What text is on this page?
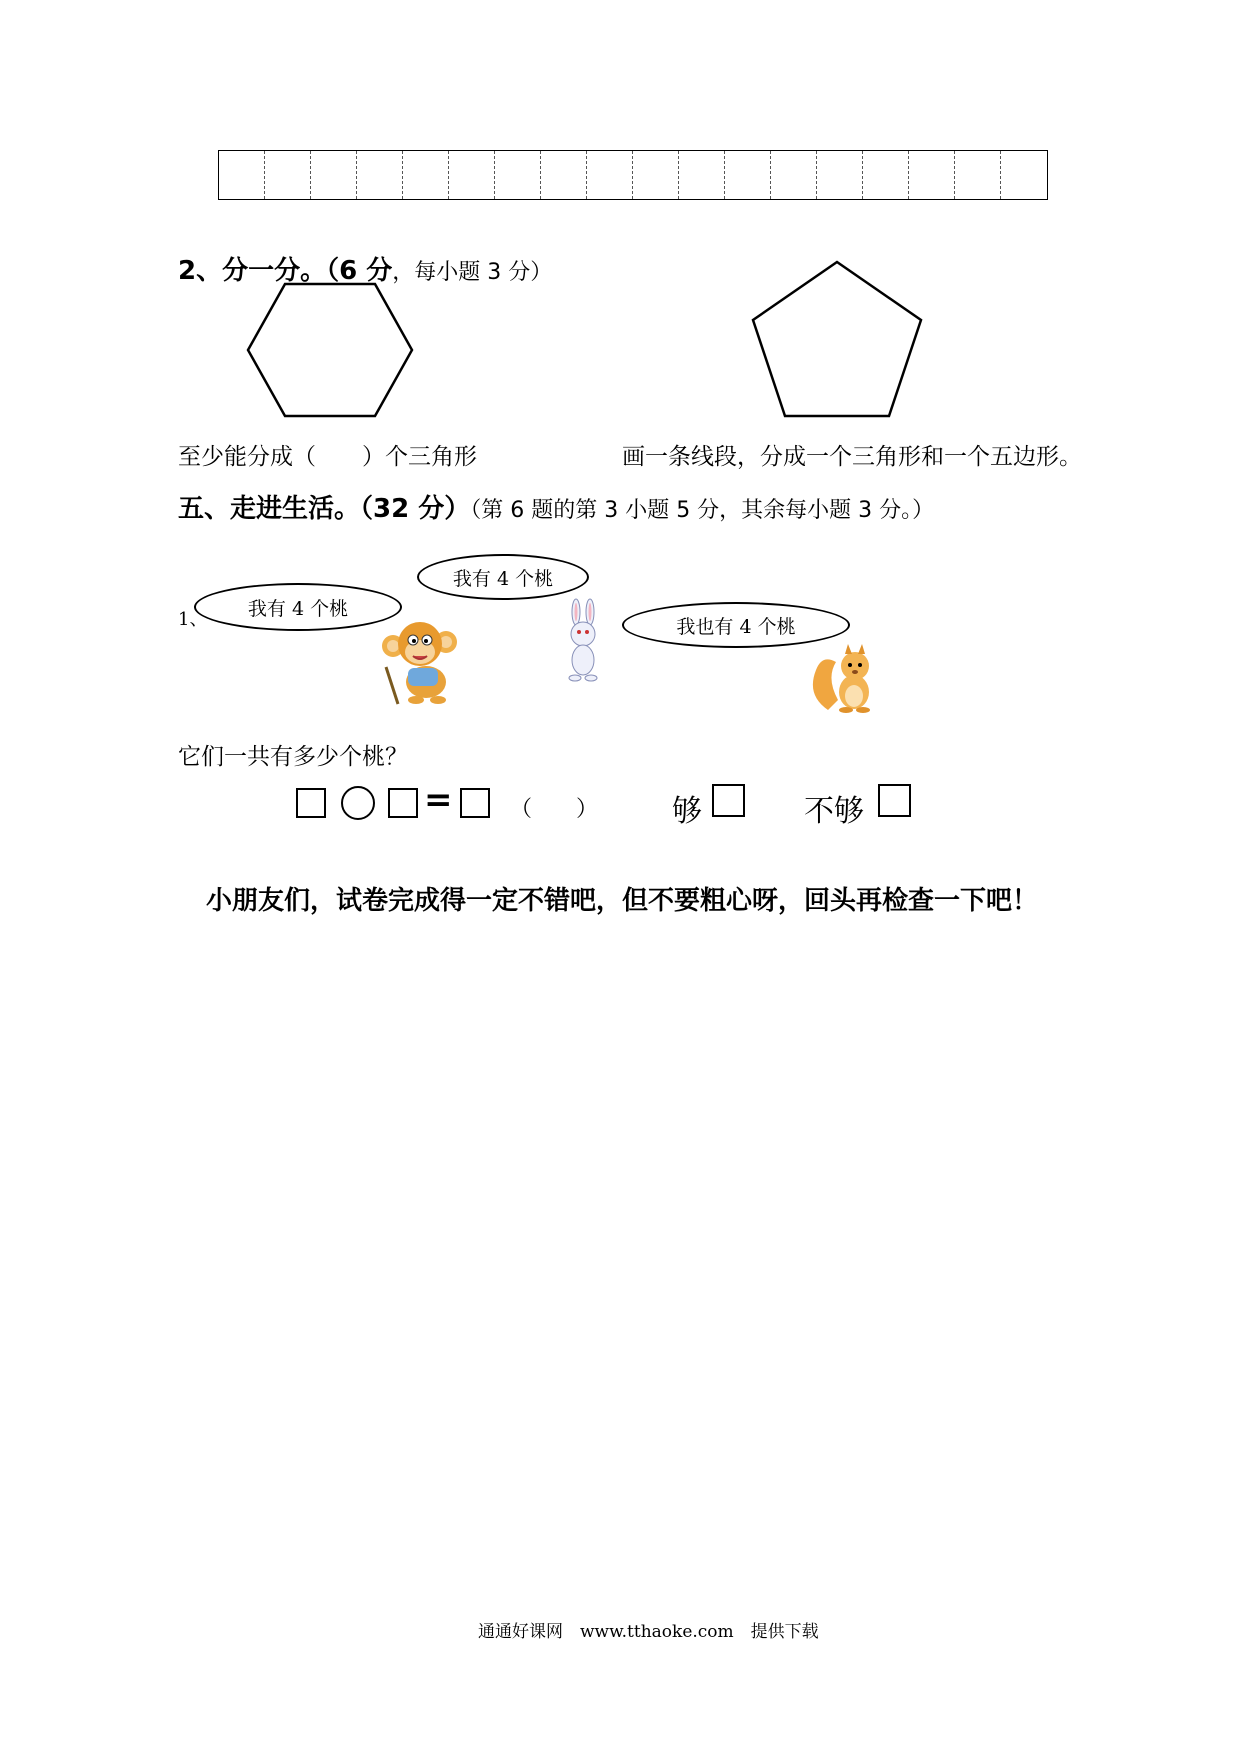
2、分一分。（6 分，每小题 3 分）
至少能分成（　　）个三角形	画一条线段，分成一个三角形和一个五边形。
五、走进生活。（32 分）（第 6 题的第 3 小题 5 分，其余每小题 3 分。）
1、	我有 4 个桃
我有 4 个桃
我也有 4 个桃
它们一共有多少个桃？
=	（　　） 够	不够
小朋友们，试卷完成得一定不错吧，但不要粗心呀，回头再检查一下吧！
通通好课网　www.tthaoke.com　提供下载
